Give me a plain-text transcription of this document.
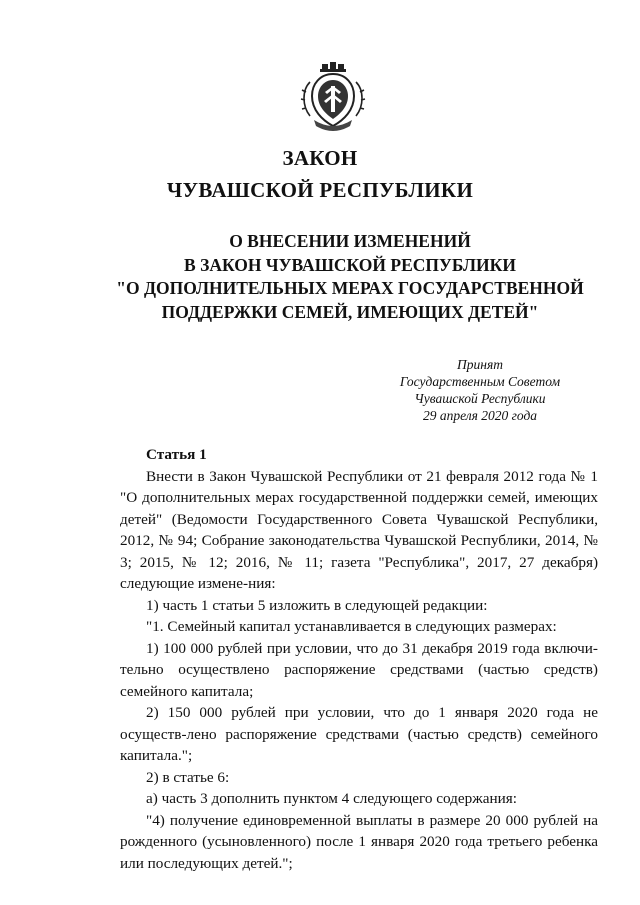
ЗАКОН
ЧУВАШСКОЙ РЕСПУБЛИКИ
О ВНЕСЕНИИ ИЗМЕНЕНИЙ
В ЗАКОН ЧУВАШСКОЙ РЕСПУБЛИКИ
"О ДОПОЛНИТЕЛЬНЫХ МЕРАХ ГОСУДАРСТВЕННОЙ
ПОДДЕРЖКИ СЕМЕЙ, ИМЕЮЩИХ ДЕТЕЙ"
Принят
Государственным Советом
Чувашской Республики
29 апреля 2020 года

Статья 1

Внести в Закон Чувашской Республики от 21 февраля 2012 года № 1 "О дополнительных мерах государственной поддержки семей, имеющих детей" (Ведомости Государственного Совета Чувашской Республики, 2012, № 94; Собрание законодательства Чувашской Республики, 2014, № 3; 2015, № 12; 2016, № 11; газета "Республика", 2017, 27 декабря) следующие измене-ния:

1) часть 1 статьи 5 изложить в следующей редакции:

"1. Семейный капитал устанавливается в следующих размерах:

1) 100 000 рублей при условии, что до 31 декабря 2019 года включи-тельно осуществлено распоряжение средствами (частью средств) семейного капитала;

2) 150 000 рублей при условии, что до 1 января 2020 года не осуществ-лено распоряжение средствами (частью средств) семейного капитала.";

2) в статье 6:

а) часть 3 дополнить пунктом 4 следующего содержания:

"4) получение единовременной выплаты в размере 20 000 рублей на рожденного (усыновленного) после 1 января 2020 года третьего ребенка или последующих детей.";
